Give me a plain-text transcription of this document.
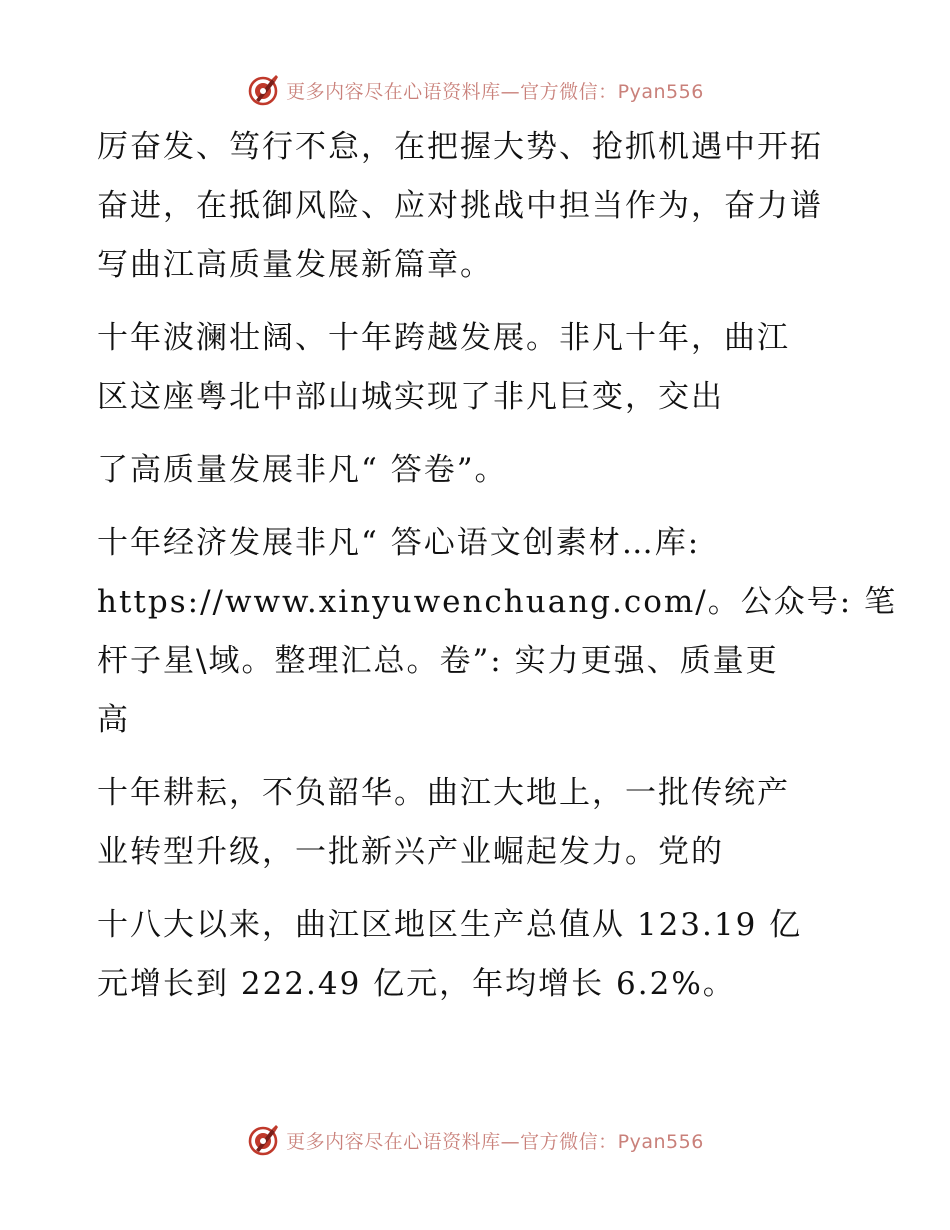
更多内容尽在心语资料库—官方微信：Pyan556

厉奋发、笃行不怠，在把握大势、抢抓机遇中开拓
奋进，在抵御风险、应对挑战中担当作为，奋力谱
写曲江高质量发展新篇章。

十年波澜壮阔、十年跨越发展。非凡十年，曲江
区这座粤北中部山城实现了非凡巨变，交出

了高质量发展非凡“ 答卷”。

十年经济发展非凡“ 答心语文创素材…库:
https://www.xinyuwenchuang.com/。公众号: 笔
杆子星\域。整理汇总。卷”: 实力更强、质量更
高

十年耕耘，不负韶华。曲江大地上，一批传统产
业转型升级，一批新兴产业崛起发力。党的

十八大以来，曲江区地区生产总值从 123.19 亿
元增长到 222.49 亿元，年均增长 6.2%。

更多内容尽在心语资料库—官方微信：Pyan556
